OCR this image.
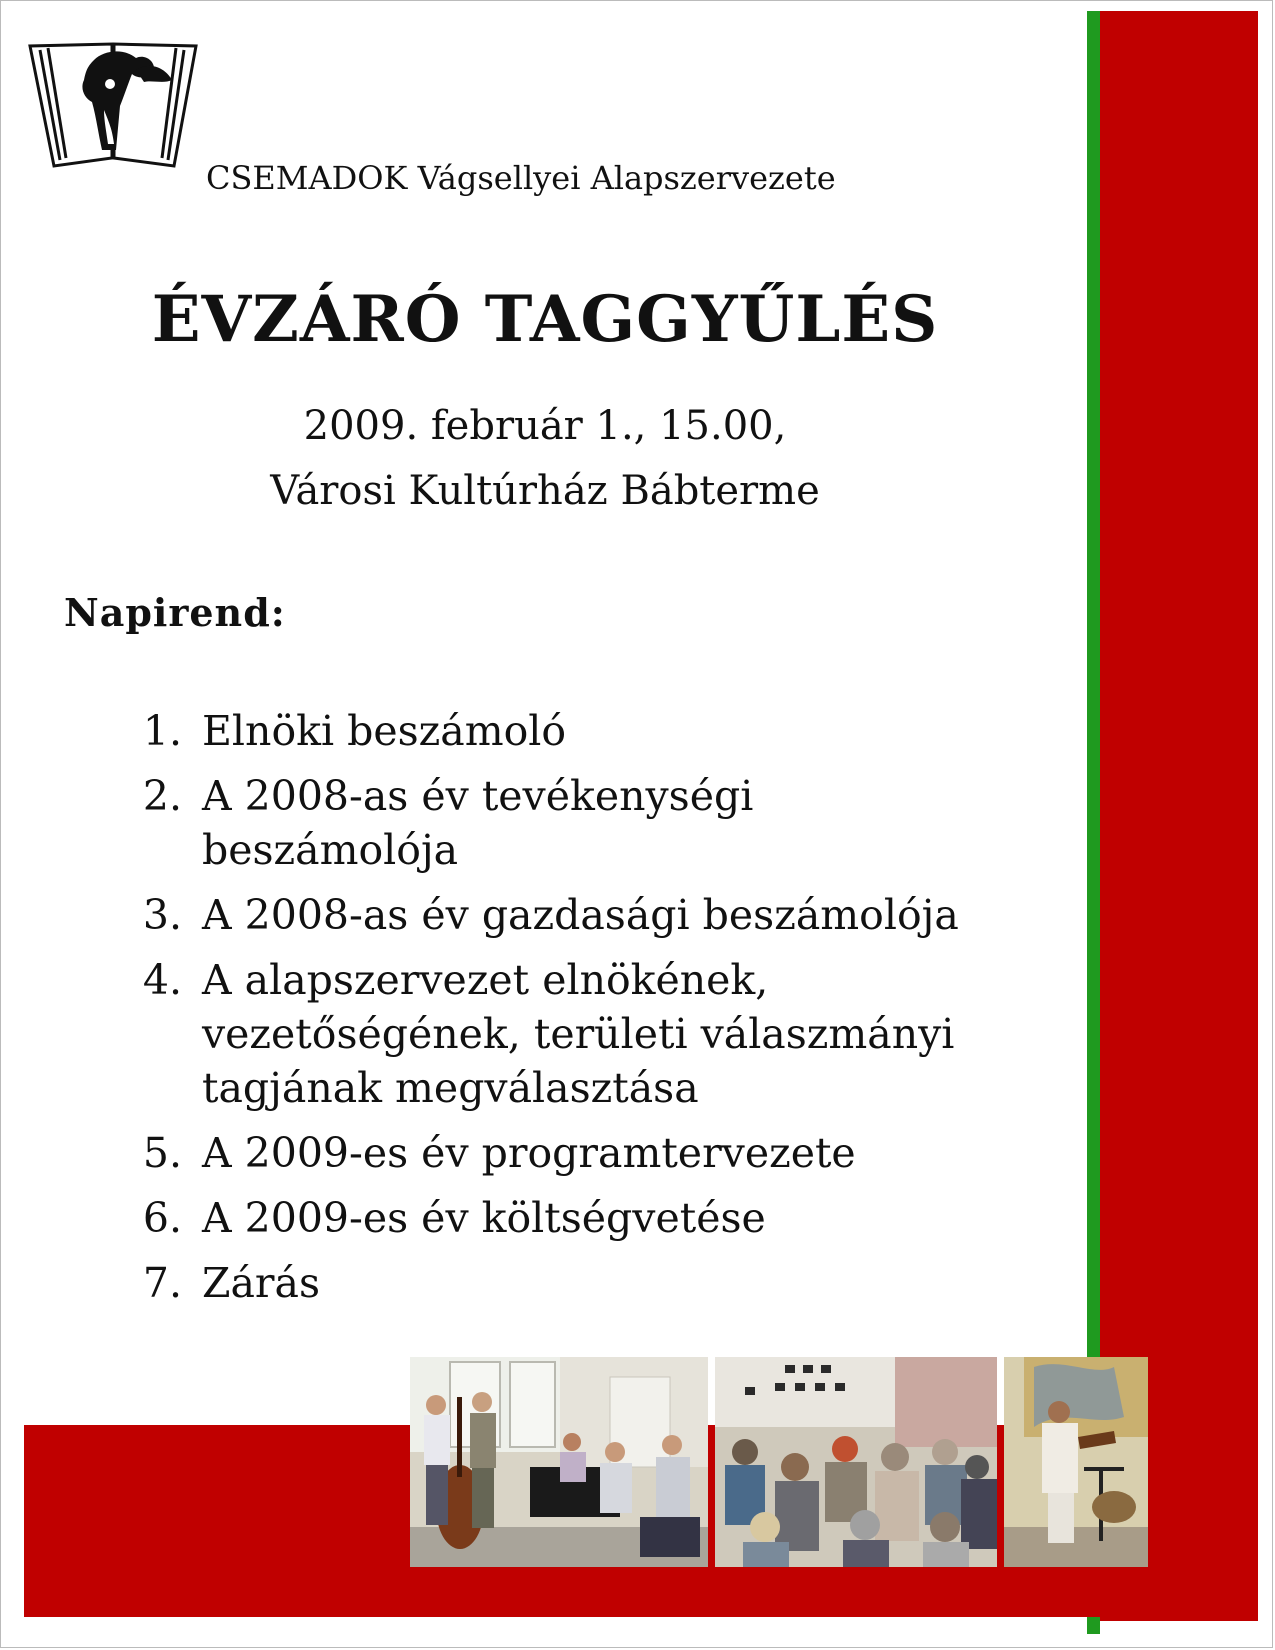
CSEMADOK Vágsellyei Alapszervezete
ÉVZÁRÓ TAGGYŰLÉS
2009. február 1., 15.00,
Városi Kultúrház Bábterme
Napirend:
1. Elnöki beszámoló
2. A 2008-as év tevékenységi beszámolója
3. A 2008-as év gazdasági beszámolója
4. A alapszervezet elnökének, vezetőségének, területi válaszmányi tagjának megválasztása
5. A 2009-es év programtervezete
6. A 2009-es év költségvetése
7. Zárás
